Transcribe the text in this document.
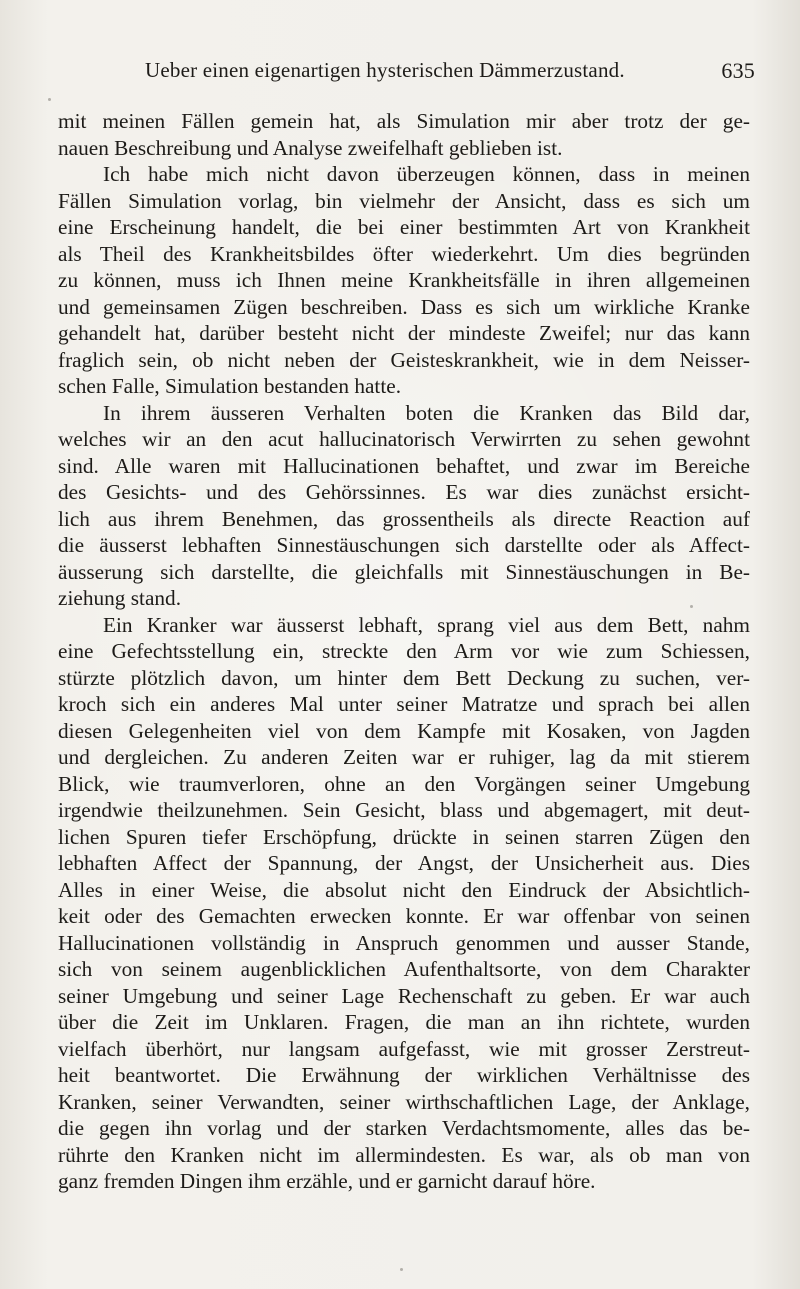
Ueber einen eigenartigen hysterischen Dämmerzustand.	635
mit meinen Fällen gemein hat, als Simulation mir aber trotz der ge-
nauen Beschreibung und Analyse zweifelhaft geblieben ist.
Ich habe mich nicht davon überzeugen können, dass in meinen
Fällen Simulation vorlag, bin vielmehr der Ansicht, dass es sich um
eine Erscheinung handelt, die bei einer bestimmten Art von Krankheit
als Theil des Krankheitsbildes öfter wiederkehrt. Um dies begründen
zu können, muss ich Ihnen meine Krankheitsfälle in ihren allgemeinen
und gemeinsamen Zügen beschreiben. Dass es sich um wirkliche Kranke
gehandelt hat, darüber besteht nicht der mindeste Zweifel; nur das kann
fraglich sein, ob nicht neben der Geisteskrankheit, wie in dem Neisser-
schen Falle, Simulation bestanden hatte.
In ihrem äusseren Verhalten boten die Kranken das Bild dar,
welches wir an den acut hallucinatorisch Verwirrten zu sehen gewohnt
sind. Alle waren mit Hallucinationen behaftet, und zwar im Bereiche
des Gesichts- und des Gehörssinnes. Es war dies zunächst ersicht-
lich aus ihrem Benehmen, das grossentheils als directe Reaction auf
die äusserst lebhaften Sinnestäuschungen sich darstellte oder als Affect-
äusserung sich darstellte, die gleichfalls mit Sinnestäuschungen in Be-
ziehung stand.
Ein Kranker war äusserst lebhaft, sprang viel aus dem Bett, nahm
eine Gefechtsstellung ein, streckte den Arm vor wie zum Schiessen,
stürzte plötzlich davon, um hinter dem Bett Deckung zu suchen, ver-
kroch sich ein anderes Mal unter seiner Matratze und sprach bei allen
diesen Gelegenheiten viel von dem Kampfe mit Kosaken, von Jagden
und dergleichen. Zu anderen Zeiten war er ruhiger, lag da mit stierem
Blick, wie traumverloren, ohne an den Vorgängen seiner Umgebung
irgendwie theilzunehmen. Sein Gesicht, blass und abgemagert, mit deut-
lichen Spuren tiefer Erschöpfung, drückte in seinen starren Zügen den
lebhaften Affect der Spannung, der Angst, der Unsicherheit aus. Dies
Alles in einer Weise, die absolut nicht den Eindruck der Absichtlich-
keit oder des Gemachten erwecken konnte. Er war offenbar von seinen
Hallucinationen vollständig in Anspruch genommen und ausser Stande,
sich von seinem augenblicklichen Aufenthaltsorte, von dem Charakter
seiner Umgebung und seiner Lage Rechenschaft zu geben. Er war auch
über die Zeit im Unklaren. Fragen, die man an ihn richtete, wurden
vielfach überhört, nur langsam aufgefasst, wie mit grosser Zerstreut-
heit beantwortet. Die Erwähnung der wirklichen Verhältnisse des
Kranken, seiner Verwandten, seiner wirthschaftlichen Lage, der Anklage,
die gegen ihn vorlag und der starken Verdachtsmomente, alles das be-
rührte den Kranken nicht im allermindesten. Es war, als ob man von
ganz fremden Dingen ihm erzähle, und er garnicht darauf höre.
